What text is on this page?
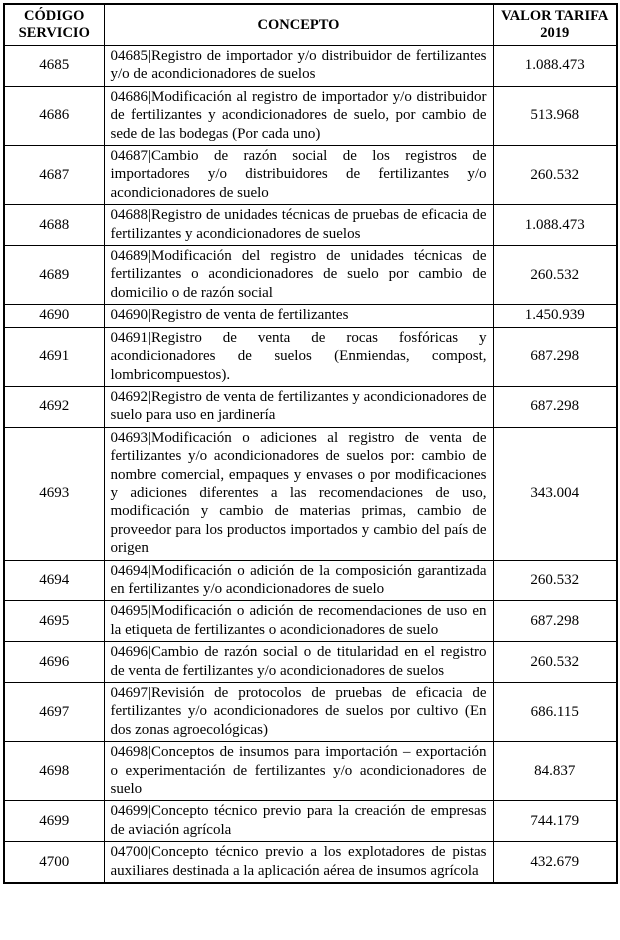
CÓDIGO SERVICIO	CONCEPTO	VALOR TARIFA 2019
4685	04685|Registro de importador y/o distribuidor de fertilizantes y/o de acondicionadores de suelos	1.088.473
4686	04686|Modificación al registro de importador y/o distribuidor de fertilizantes y acondicionadores de suelo, por cambio de sede de las bodegas (Por cada uno)	513.968
4687	04687|Cambio de razón social de los registros de importadores y/o distribuidores de fertilizantes y/o acondicionadores de suelo	260.532
4688	04688|Registro de unidades técnicas de pruebas de eficacia de fertilizantes y acondicionadores de suelos	1.088.473
4689	04689|Modificación del registro de unidades técnicas de fertilizantes o acondicionadores de suelo por cambio de domicilio o de razón social	260.532
4690	04690|Registro de venta de fertilizantes	1.450.939
4691	04691|Registro de venta de rocas fosfóricas y acondicionadores de suelos (Enmiendas, compost, lombricompuestos).	687.298
4692	04692|Registro de venta de fertilizantes y acondicionadores de suelo para uso en jardinería	687.298
4693	04693|Modificación o adiciones al registro de venta de fertilizantes y/o acondicionadores de suelos por: cambio de nombre comercial, empaques y envases o por modificaciones y adiciones diferentes a las recomendaciones de uso, modificación y cambio de materias primas, cambio de proveedor para los productos importados y cambio del país de origen	343.004
4694	04694|Modificación o adición de la composición garantizada en fertilizantes y/o acondicionadores de suelo	260.532
4695	04695|Modificación o adición de recomendaciones de uso en la etiqueta de fertilizantes o acondicionadores de suelo	687.298
4696	04696|Cambio de razón social o de titularidad en el registro de venta de fertilizantes y/o acondicionadores de suelos	260.532
4697	04697|Revisión de protocolos de pruebas de eficacia de fertilizantes y/o acondicionadores de suelos por cultivo (En dos zonas agroecológicas)	686.115
4698	04698|Conceptos de insumos para importación – exportación o experimentación de fertilizantes y/o acondicionadores de suelo	84.837
4699	04699|Concepto técnico previo para la creación de empresas de aviación agrícola	744.179
4700	04700|Concepto técnico previo a los explotadores de pistas auxiliares destinada a la aplicación aérea de insumos agrícola	432.679
